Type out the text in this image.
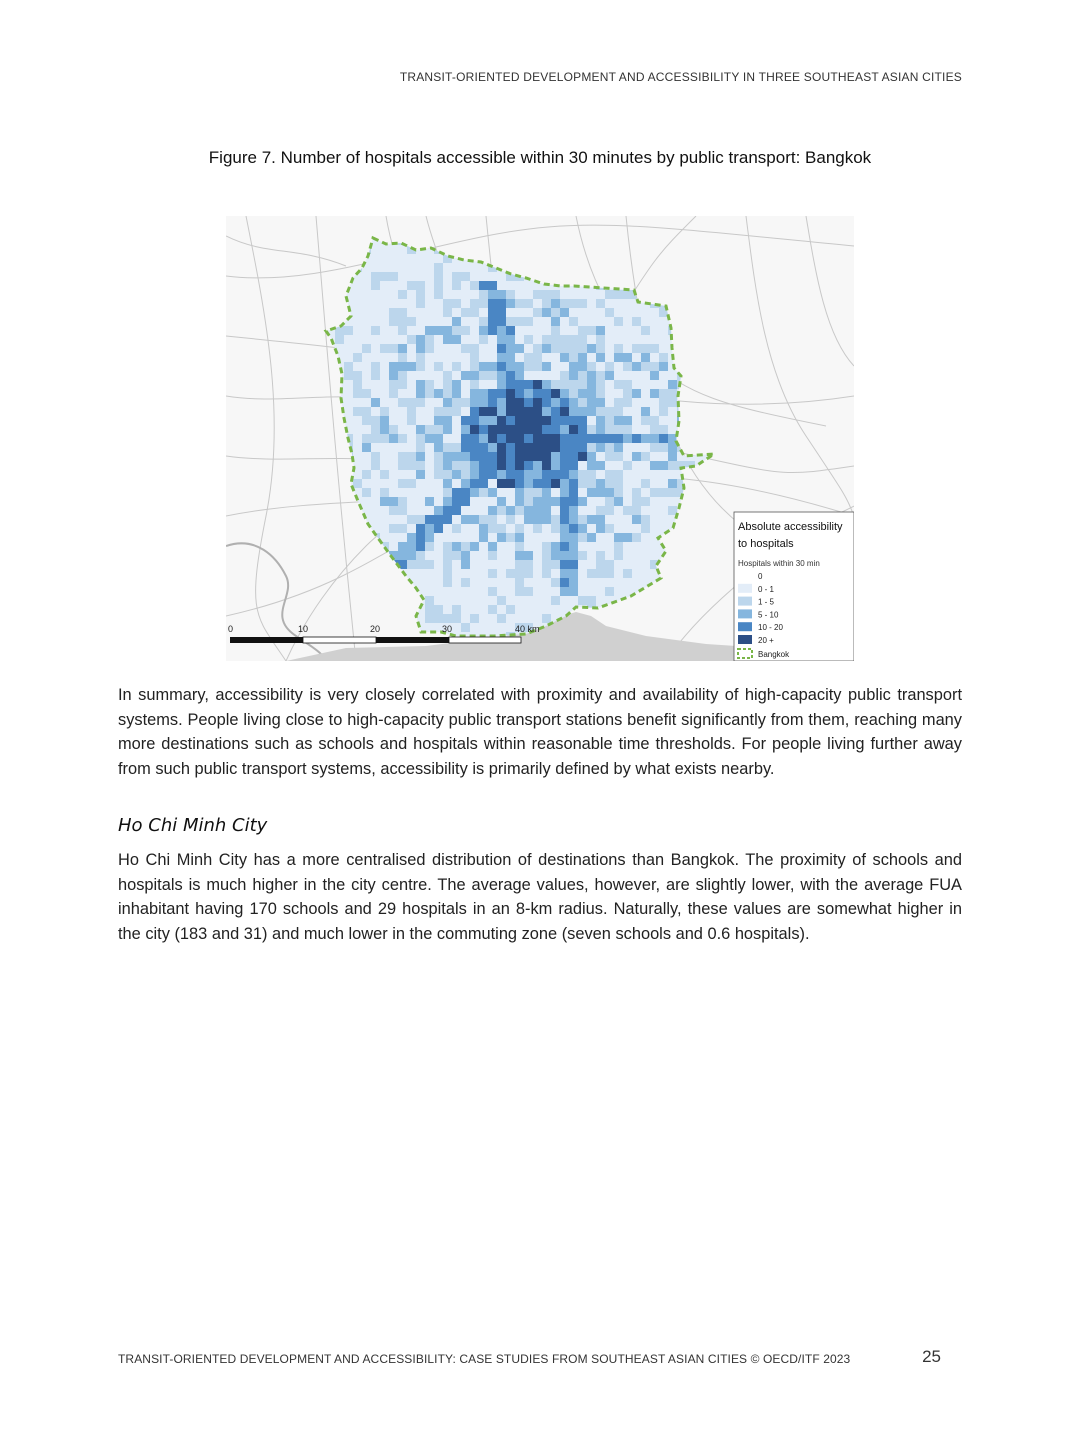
TRANSIT-ORIENTED DEVELOPMENT AND ACCESSIBILITY IN THREE SOUTHEAST ASIAN CITIES
Figure 7. Number of hospitals accessible within 30 minutes by public transport: Bangkok
0	10	20	30	40 km
Absolute accessibility
to hospitals
Hospitals within 30 min
0
0 - 1
1 - 5
5 - 10
10 - 20
20 +
Bangkok

In summary, accessibility is very closely correlated with proximity and availability of high-capacity public transport systems. People living close to high-capacity public transport stations benefit significantly from them, reaching many more destinations such as schools and hospitals within reasonable time thresholds. For people living further away from such public transport systems, accessibility is primarily defined by what exists nearby.

Ho Chi Minh City

Ho Chi Minh City has a more centralised distribution of destinations than Bangkok. The proximity of schools and hospitals is much higher in the city centre. The average values, however, are slightly lower, with the average FUA inhabitant having 170 schools and 29 hospitals in an 8-km radius. Naturally, these values are somewhat higher in the city (183 and 31) and much lower in the commuting zone (seven schools and 0.6 hospitals).

TRANSIT-ORIENTED DEVELOPMENT AND ACCESSIBILITY: CASE STUDIES FROM SOUTHEAST ASIAN CITIES © OECD/ITF 2023	25
